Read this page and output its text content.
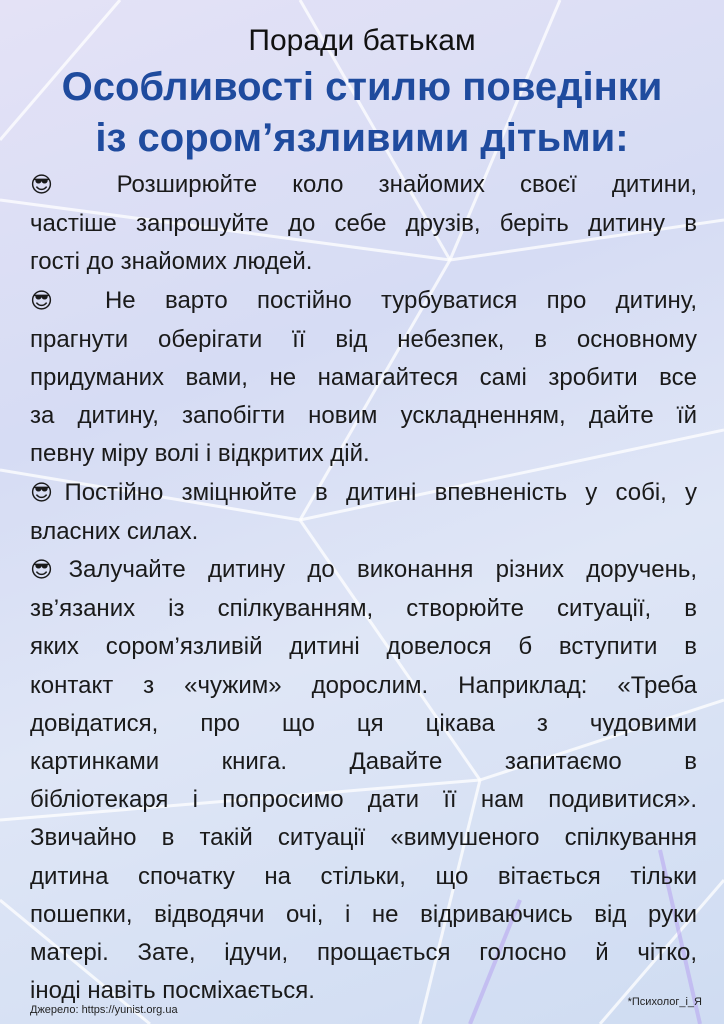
Поради батькам
Особливості стилю поведінки
із сором’язливими дітьми:
😎 Розширюйте коло знайомих своєї дитини,
частіше запрошуйте до себе друзів, беріть дитину в
гості до знайомих людей.
😎 Не варто постійно турбуватися про дитину,
прагнути оберігати її від небезпек, в основному
придуманих вами, не намагайтеся самі зробити все
за дитину, запобігти новим ускладненням, дайте їй
певну міру волі і відкритих дій.
😎Постійно зміцнюйте в дитині впевненість у собі, у
власних силах.
😎Залучайте дитину до виконання різних доручень,
зв’язаних із спілкуванням, створюйте ситуації, в
яких сором’язливій дитині довелося б вступити в
контакт з «чужим» дорослим. Наприклад: «Треба
довідатися, про що ця цікава з чудовими
картинками книга. Давайте запитаємо в
бібліотекаря і попросимо дати її нам подивитися».
Звичайно в такій ситуації «вимушеного спілкування
дитина спочатку на стільки, що вітається тільки
пошепки, відводячи очі, і не відриваючись від руки
матері. Зате, ідучи, прощається голосно й чітко,
іноді навіть посміхається.
Джерело: https://yunist.org.ua
*Психолог_і_Я
